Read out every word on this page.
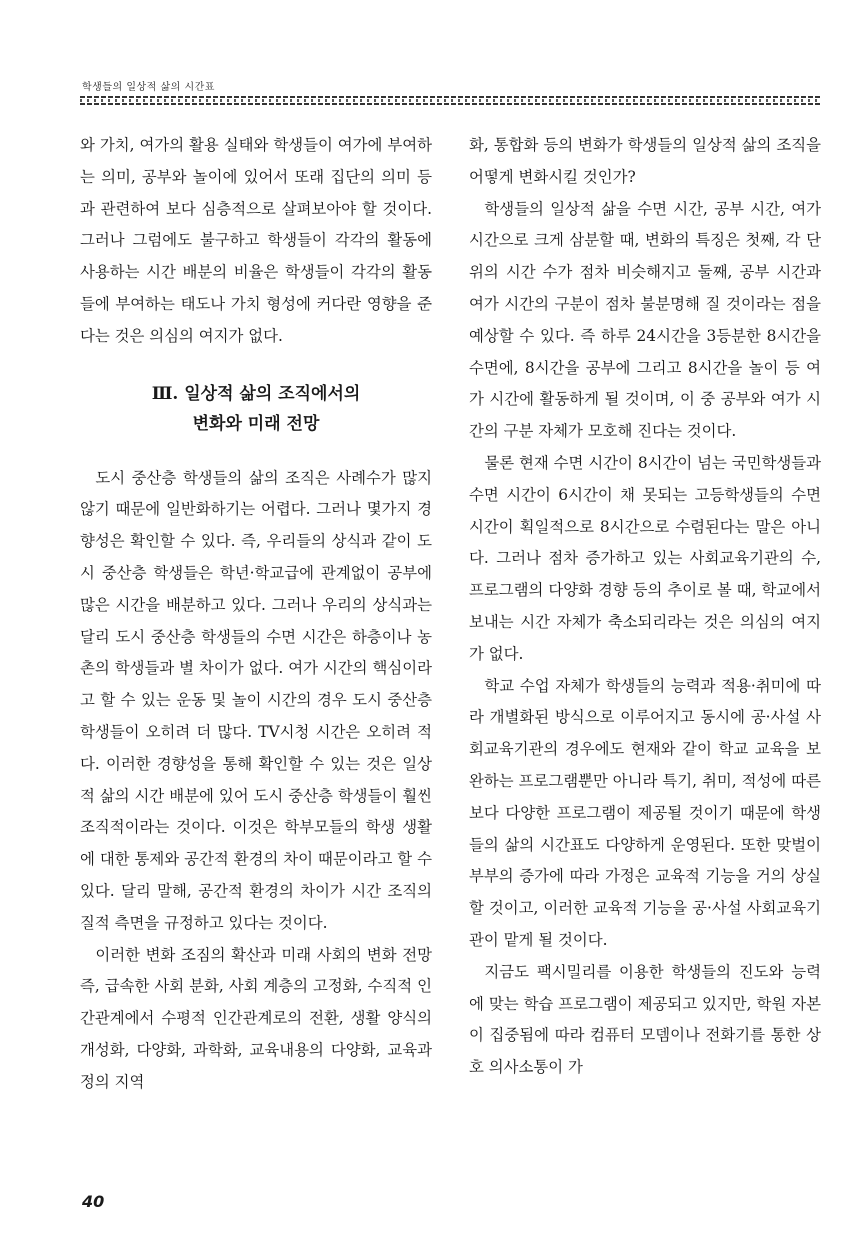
학생들의 일상적 삶의 시간표

와 가치, 여가의 활용 실태와 학생들이 여가에 부여하는 의미, 공부와 놀이에 있어서 또래 집단의 의미 등과 관련하여 보다 심층적으로 살펴보아야 할 것이다. 그러나 그럼에도 불구하고 학생들이 각각의 활동에 사용하는 시간 배분의 비율은 학생들이 각각의 활동들에 부여하는 태도나 가치 형성에 커다란 영향을 준다는 것은 의심의 여지가 없다.

Ⅲ. 일상적 삶의 조직에서의
변화와 미래 전망

도시 중산층 학생들의 삶의 조직은 사례수가 많지 않기 때문에 일반화하기는 어렵다. 그러나 몇가지 경향성은 확인할 수 있다. 즉, 우리들의 상식과 같이 도시 중산층 학생들은 학년·학교급에 관계없이 공부에 많은 시간을 배분하고 있다. 그러나 우리의 상식과는 달리 도시 중산층 학생들의 수면 시간은 하층이나 농촌의 학생들과 별 차이가 없다. 여가 시간의 핵심이라고 할 수 있는 운동 및 놀이 시간의 경우 도시 중산층 학생들이 오히려 더 많다. TV시청 시간은 오히려 적다. 이러한 경향성을 통해 확인할 수 있는 것은 일상적 삶의 시간 배분에 있어 도시 중산층 학생들이 훨씬 조직적이라는 것이다. 이것은 학부모들의 학생 생활에 대한 통제와 공간적 환경의 차이 때문이라고 할 수 있다. 달리 말해, 공간적 환경의 차이가 시간 조직의 질적 측면을 규정하고 있다는 것이다.

이러한 변화 조짐의 확산과 미래 사회의 변화 전망 즉, 급속한 사회 분화, 사회 계층의 고정화, 수직적 인간관계에서 수평적 인간관계로의 전환, 생활 양식의 개성화, 다양화, 과학화, 교육내용의 다양화, 교육과정의 지역

화, 통합화 등의 변화가 학생들의 일상적 삶의 조직을 어떻게 변화시킬 것인가?

학생들의 일상적 삶을 수면 시간, 공부 시간, 여가 시간으로 크게 삼분할 때, 변화의 특징은 첫째, 각 단위의 시간 수가 점차 비슷해지고 둘째, 공부 시간과 여가 시간의 구분이 점차 불분명해 질 것이라는 점을 예상할 수 있다. 즉 하루 24시간을 3등분한 8시간을 수면에, 8시간을 공부에 그리고 8시간을 놀이 등 여가 시간에 활동하게 될 것이며, 이 중 공부와 여가 시간의 구분 자체가 모호해 진다는 것이다.

물론 현재 수면 시간이 8시간이 넘는 국민학생들과 수면 시간이 6시간이 채 못되는 고등학생들의 수면 시간이 획일적으로 8시간으로 수렴된다는 말은 아니다. 그러나 점차 증가하고 있는 사회교육기관의 수, 프로그램의 다양화 경향 등의 추이로 볼 때, 학교에서 보내는 시간 자체가 축소되리라는 것은 의심의 여지가 없다.

학교 수업 자체가 학생들의 능력과 적용·취미에 따라 개별화된 방식으로 이루어지고 동시에 공·사설 사회교육기관의 경우에도 현재와 같이 학교 교육을 보완하는 프로그램뿐만 아니라 특기, 취미, 적성에 따른 보다 다양한 프로그램이 제공될 것이기 때문에 학생들의 삶의 시간표도 다양하게 운영된다. 또한 맞벌이 부부의 증가에 따라 가정은 교육적 기능을 거의 상실할 것이고, 이러한 교육적 기능을 공·사설 사회교육기관이 맡게 될 것이다.

지금도 팩시밀리를 이용한 학생들의 진도와 능력에 맞는 학습 프로그램이 제공되고 있지만, 학원 자본이 집중됨에 따라 컴퓨터 모뎀이나 전화기를 통한 상호 의사소통이 가

40
